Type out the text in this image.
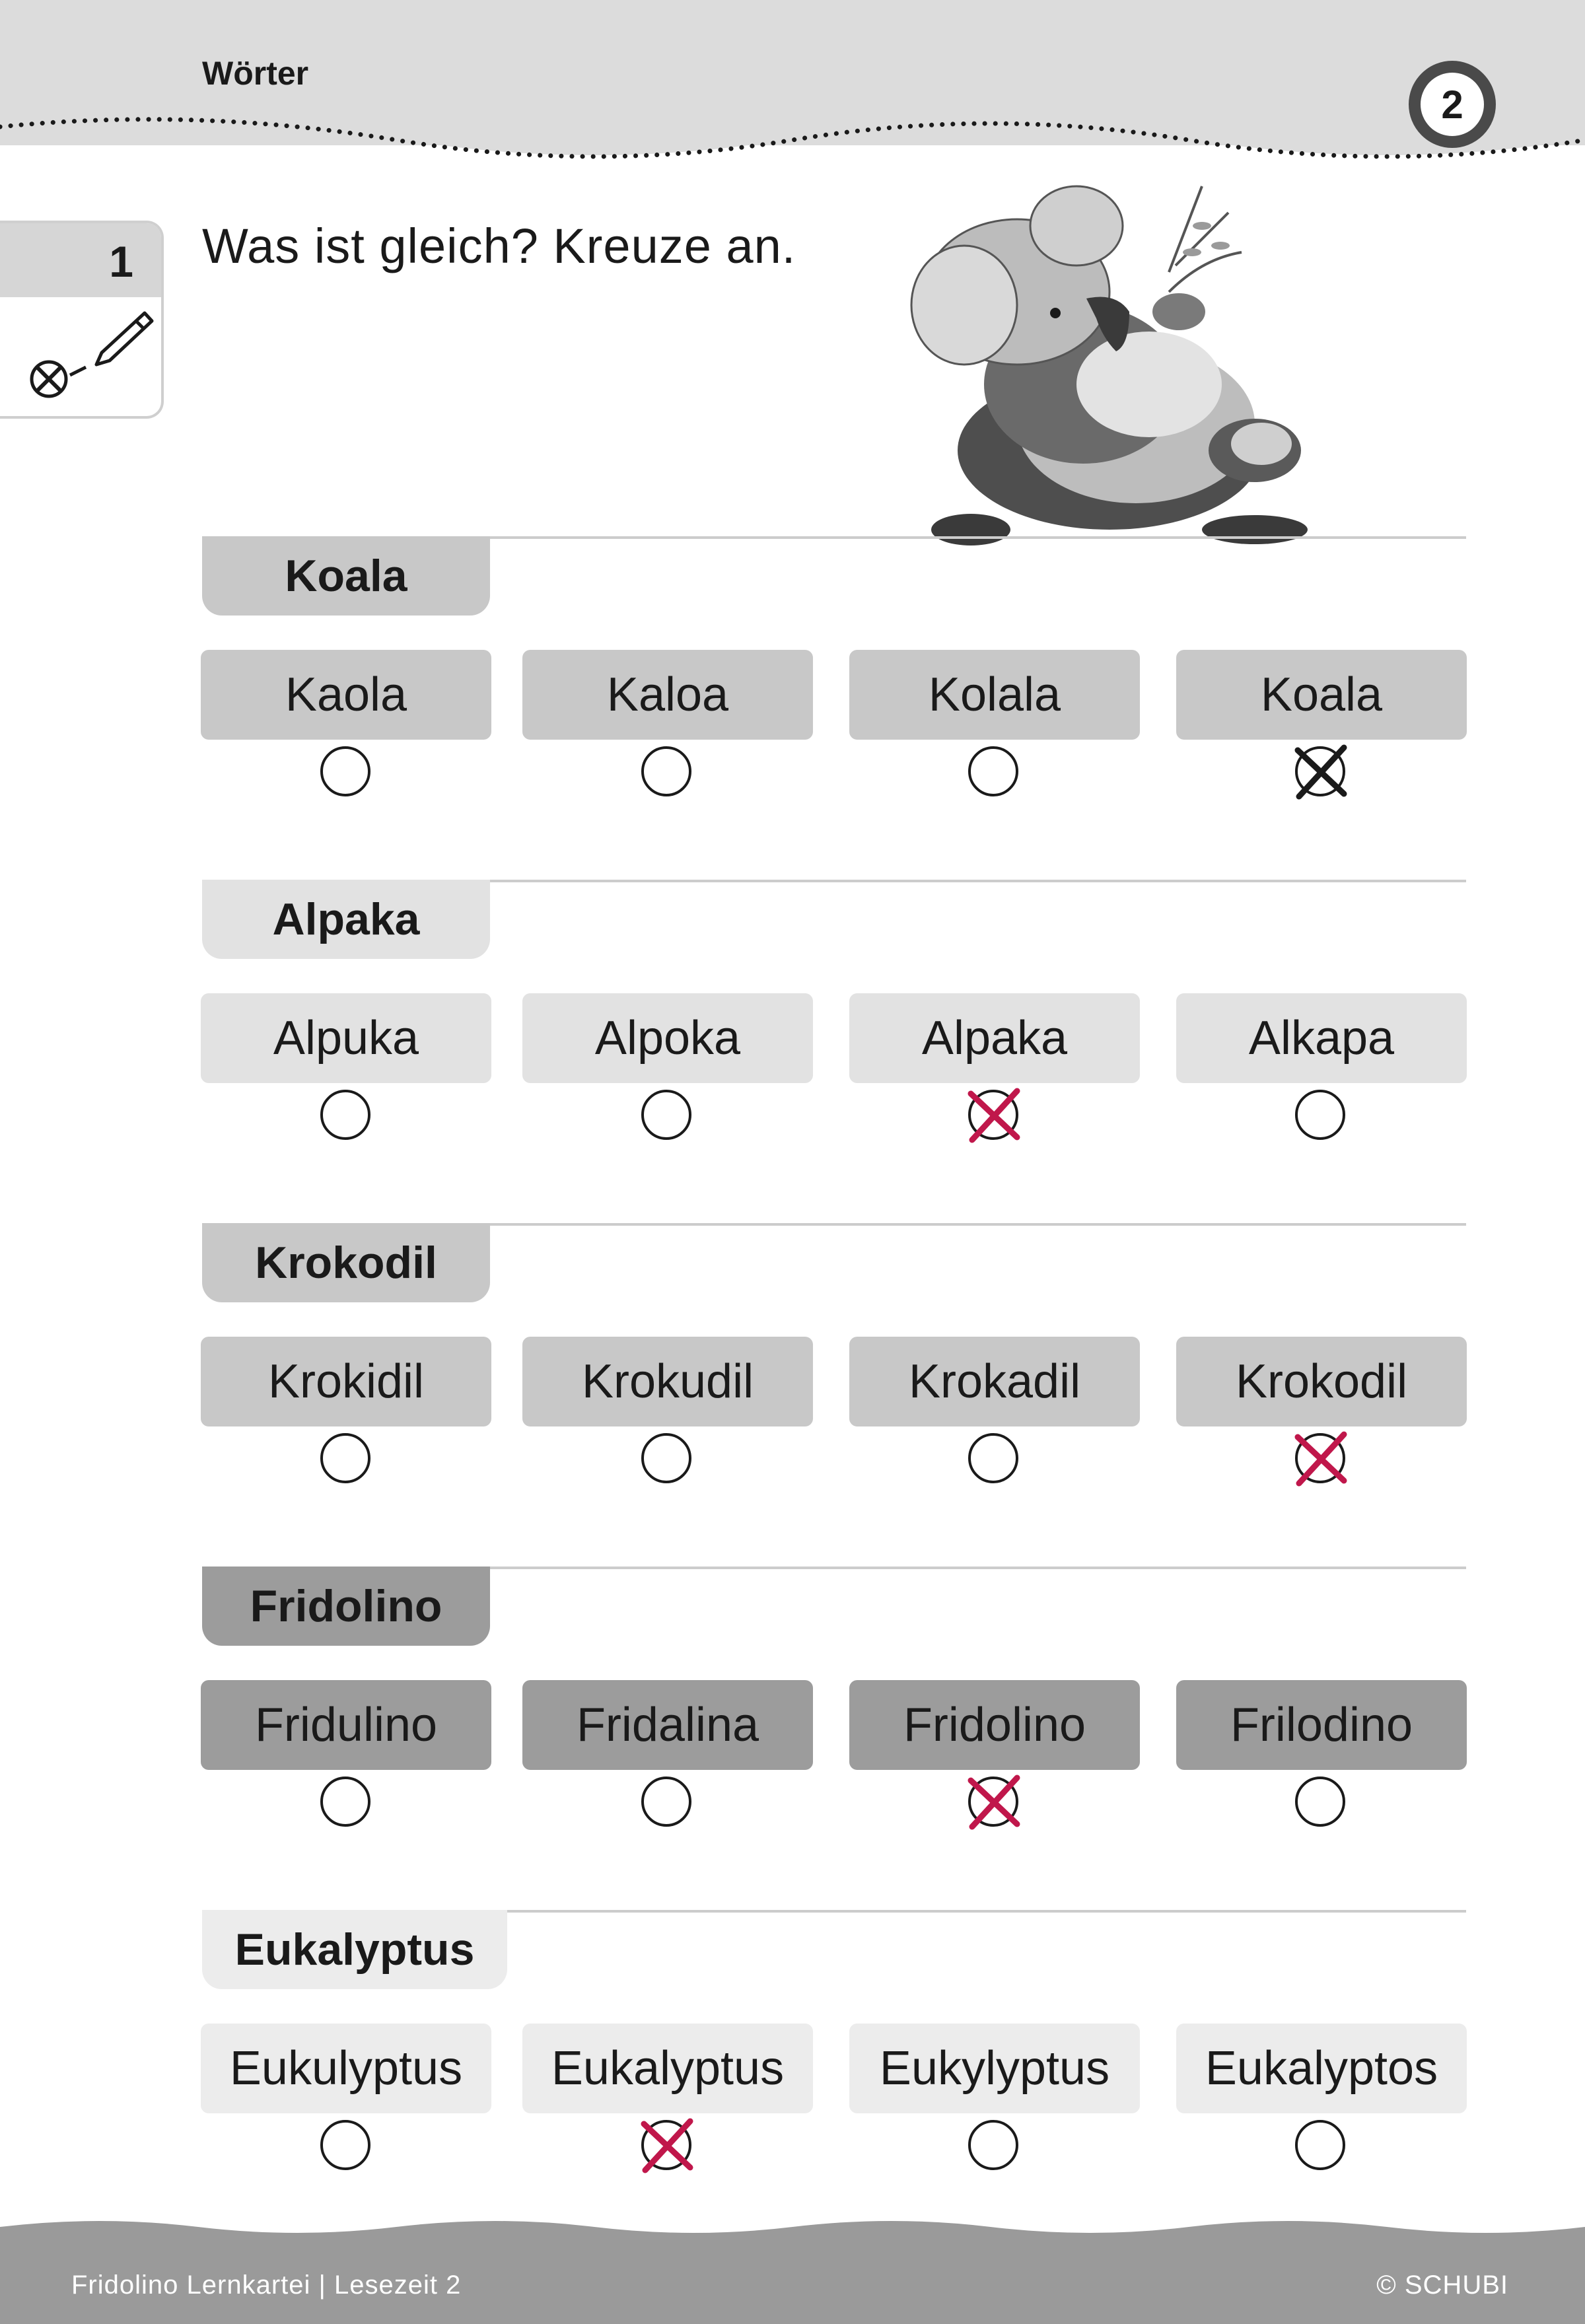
Wörter
2
1 Was ist gleich? Kreuze an.
Koala
Kaola	Kaloa	Kolala	Koala
Alpaka
Alpuka	Alpoka	Alpaka	Alkapa
Krokodil
Krokidil	Krokudil	Krokadil	Krokodil
Fridolino
Fridulino	Fridalina	Fridolino	Frilodino
Eukalyptus
Eukulyptus	Eukalyptus	Eukylyptus	Eukalyptos
Fridolino Lernkartei | Lesezeit 2	© SCHUBI
